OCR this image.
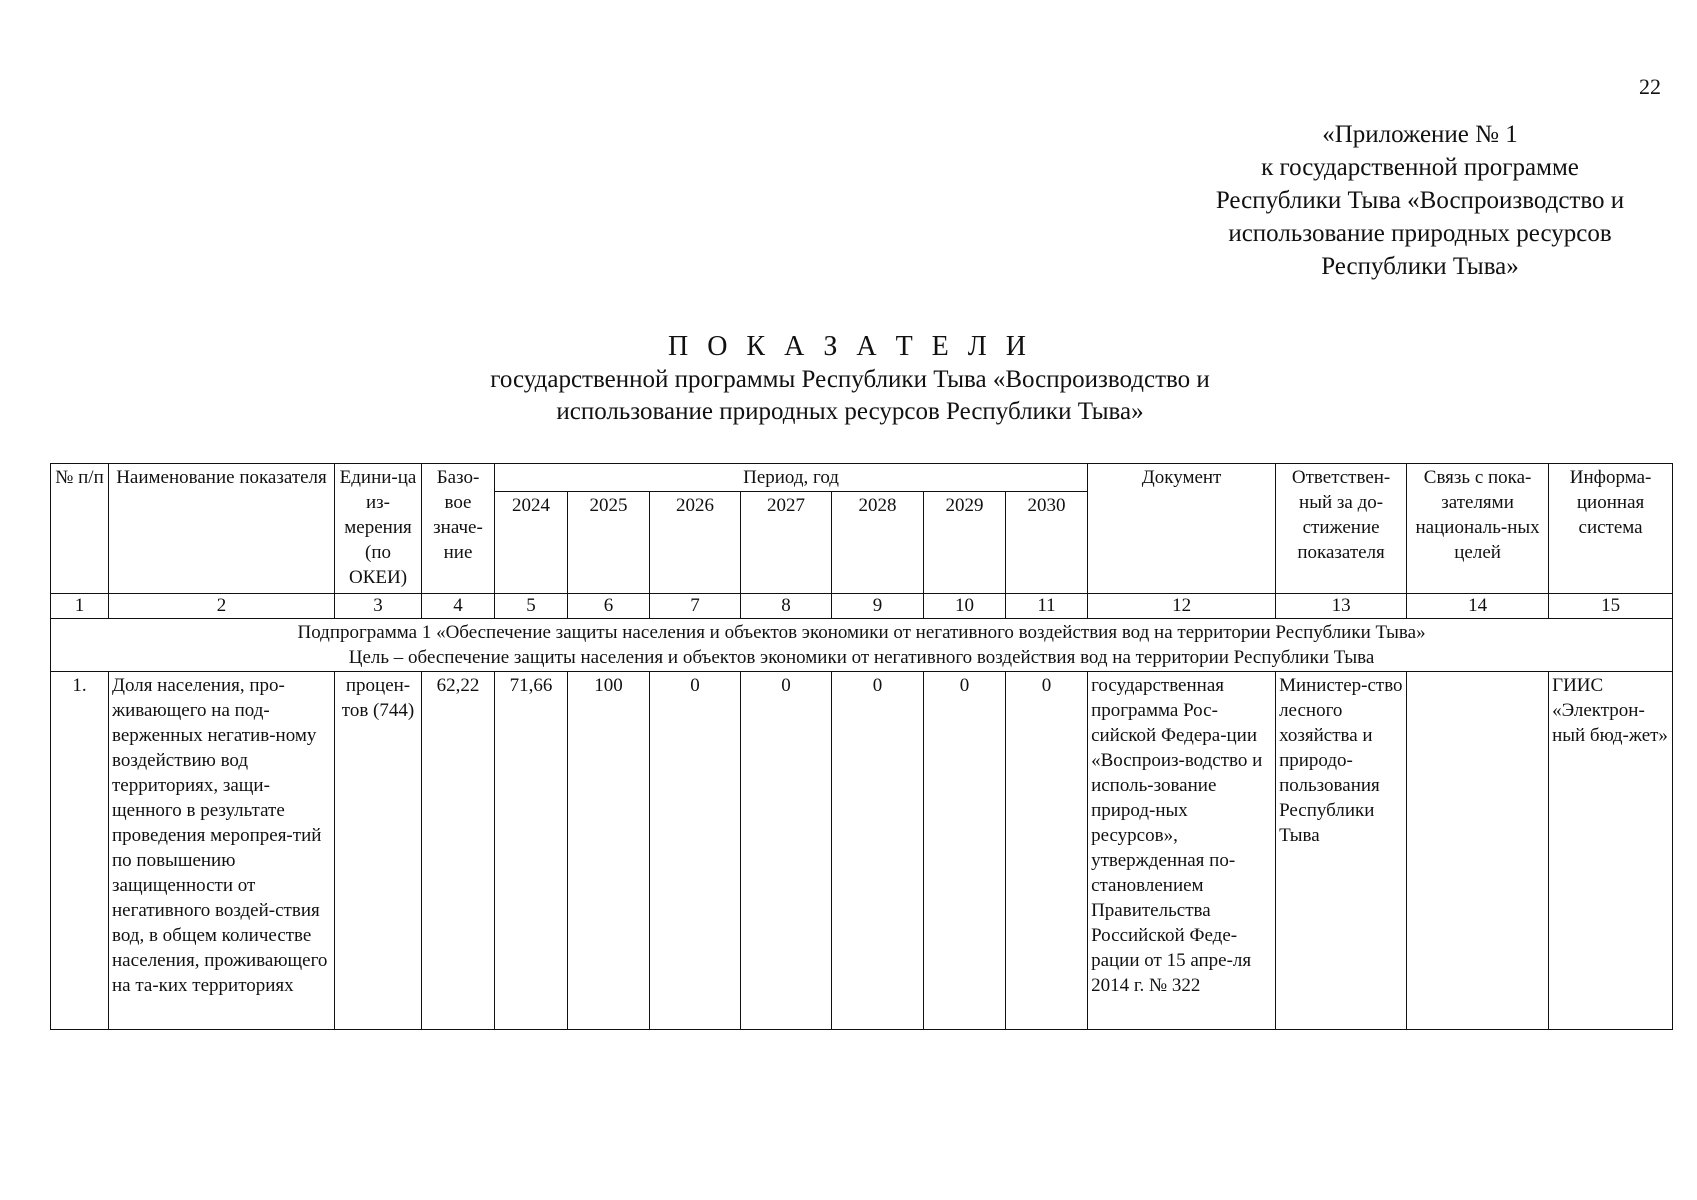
22
«Приложение № 1
к государственной программе
Республики Тыва «Воспроизводство и
использование природных ресурсов
Республики Тыва»
П О К А З А Т Е Л И
государственной программы Республики Тыва «Воспроизводство и
использование природных ресурсов Республики Тыва»
№ п/п	Наименование показателя	Едини-ца из-мерения (по ОКЕИ)	Базо-вое значе-ние	Период, год							Документ	Ответствен-ный за до-стижение показателя	Связь с пока-зателями националь-ных целей	Информа-ционная система
				2024	2025	2026	2027	2028	2029	2030				
1	2	3	4	5	6	7	8	9	10	11	12	13	14	15

Подпрограмма 1 «Обеспечение защиты населения и объектов экономики от негативного воздействия вод на территории Республики Тыва»
Цель – обеспечение защиты населения и объектов экономики от негативного воздействия вод на территории Республики Тыва														

1.	Доля населения, про-живающего на под-верженных негатив-ному воздействию вод территориях, защи-щенного в результате проведения меропрeя-тий по повышению защищенности от негативного воздей-ствия вод, в общем количестве населения, проживающего на та-ких территориях	процен-тов (744)	62,22	71,66	100	0	0	0	0	0	государственная программа Рос-сийской Федера-ции «Воспроиз-водство и исполь-зование природ-ных ресурсов», утвержденная по-становлением Правительства Российской Феде-рации от 15 апре-ля 2014 г. № 322	Министер-ство лесного хозяйства и природо-пользования Республики Тыва		ГИИС «Электрон-ный бюд-жет»
